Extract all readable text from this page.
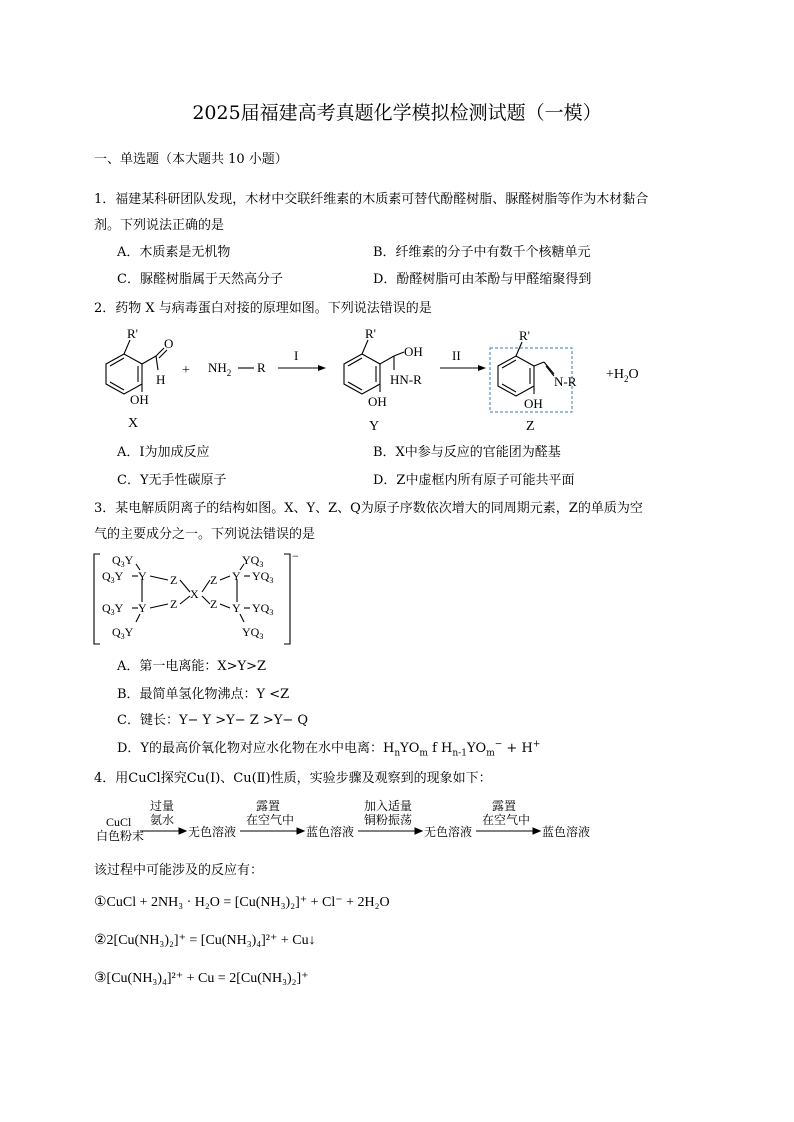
2025届福建高考真题化学模拟检测试题（一模）
一、单选题（本大题共 10 小题）
1．福建某科研团队发现，木材中交联纤维素的木质素可替代酚醛树脂、脲醛树脂等作为木材黏合
剂。下列说法正确的是
A．木质素是无机物	B．纤维素的分子中有数千个核糖单元
C．脲醛树脂属于天然高分子	D．酚醛树脂可由苯酚与甲醛缩聚得到
2．药物 X 与病毒蛋白对接的原理如图。下列说法错误的是
R'
O
H
OH
X
+ $NH_2$ R
I
R'
OH
HN-R
OH
Y
II
R'
N-R
OH
Z
$+H_2O$
A．Ⅰ为加成反应	B．X中参与反应的官能团为醛基
C．Y无手性碳原子	D．Z中虚框内所有原子可能共平面
3．某电解质阴离子的结构如图。X、Y、Z、Q为原子序数依次增大的同周期元素，Z的单质为空
气的主要成分之一。下列说法错误的是
$Q_3Y$
$Q_3Y$
$Q_3Y$
$Q_3Y$
Y
Y
Z
Z
X
Z
Z
Y
Y
$YQ_3$
$YQ_3$
$YQ_3$
$YQ_3$
−
A．第一电离能：X>Y>Z
B．最简单氢化物沸点：Y <Z
C．键长：Y− Y >Y− Z >Y− Q
D．Y的最高价氧化物对应水化物在水中电离：$H_nYO_m$ f $H_{n-1}YO_m^- + H^+$
4．用CuCl探究Cu(Ⅰ)、Cu(Ⅱ)性质，实验步骤及观察到的现象如下：
CuCl
白色粉末
过量
氨水
无色溶液
露置
在空气中
蓝色溶液
加入适量
铜粉振荡
无色溶液
露置
在空气中
蓝色溶液
该过程中可能涉及的反应有：
①CuCl + 2NH₃ · H₂O = [Cu(NH₃)₂]⁺ + Cl⁻ + 2H₂O
②2[Cu(NH₃)₂]⁺ = [Cu(NH₃)₄]²⁺ + Cu↓
③[Cu(NH₃)₄]²⁺ + Cu = 2[Cu(NH₃)₂]⁺
